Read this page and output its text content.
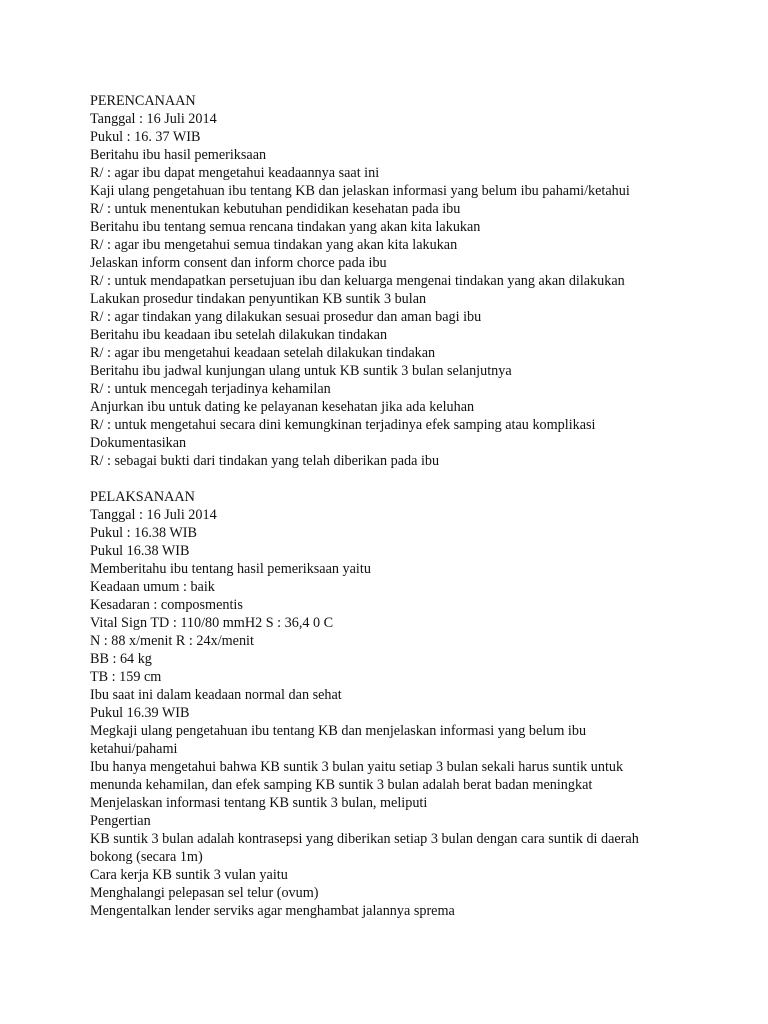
PERENCANAAN
Tanggal : 16 Juli 2014
Pukul : 16. 37 WIB
Beritahu ibu hasil pemeriksaan
R/ : agar ibu dapat mengetahui keadaannya saat ini
Kaji ulang pengetahuan ibu tentang KB dan jelaskan informasi yang belum ibu pahami/ketahui
R/ : untuk menentukan kebutuhan pendidikan kesehatan pada ibu
Beritahu ibu tentang semua rencana tindakan yang akan kita lakukan
R/ : agar ibu mengetahui semua tindakan yang akan kita lakukan
Jelaskan inform consent dan inform chorce pada ibu
R/ : untuk mendapatkan persetujuan ibu dan keluarga mengenai tindakan yang akan dilakukan
Lakukan prosedur tindakan penyuntikan KB suntik 3 bulan
R/ : agar tindakan yang dilakukan sesuai prosedur dan aman bagi ibu
Beritahu ibu keadaan ibu setelah dilakukan tindakan
R/ : agar ibu mengetahui keadaan setelah dilakukan tindakan
Beritahu ibu jadwal kunjungan ulang untuk KB suntik 3 bulan selanjutnya
R/ : untuk mencegah terjadinya kehamilan
Anjurkan ibu untuk dating ke pelayanan kesehatan jika ada keluhan
R/ : untuk mengetahui secara dini kemungkinan terjadinya efek samping atau komplikasi
Dokumentasikan
R/ : sebagai bukti dari tindakan yang telah diberikan pada ibu
PELAKSANAAN
Tanggal : 16 Juli 2014
Pukul : 16.38 WIB
Pukul 16.38 WIB
Memberitahu ibu tentang hasil pemeriksaan yaitu
Keadaan umum : baik
Kesadaran : composmentis
Vital Sign TD : 110/80 mmH2 S : 36,4 0 C
N : 88 x/menit R : 24x/menit
BB : 64 kg
TB : 159 cm
Ibu saat ini dalam keadaan normal dan sehat
Pukul 16.39 WIB
Megkaji ulang pengetahuan ibu tentang KB dan menjelaskan informasi yang belum ibu
ketahui/pahami
Ibu hanya mengetahui bahwa KB suntik 3 bulan yaitu setiap 3 bulan sekali harus suntik untuk
menunda kehamilan, dan efek samping KB suntik 3 bulan adalah berat badan meningkat
Menjelaskan informasi tentang KB suntik 3 bulan, meliputi
Pengertian
KB suntik 3 bulan adalah kontrasepsi yang diberikan setiap 3 bulan dengan cara suntik di daerah
bokong (secara 1m)
Cara kerja KB suntik 3 vulan yaitu
Menghalangi pelepasan sel telur (ovum)
Mengentalkan lender serviks agar menghambat jalannya sprema
